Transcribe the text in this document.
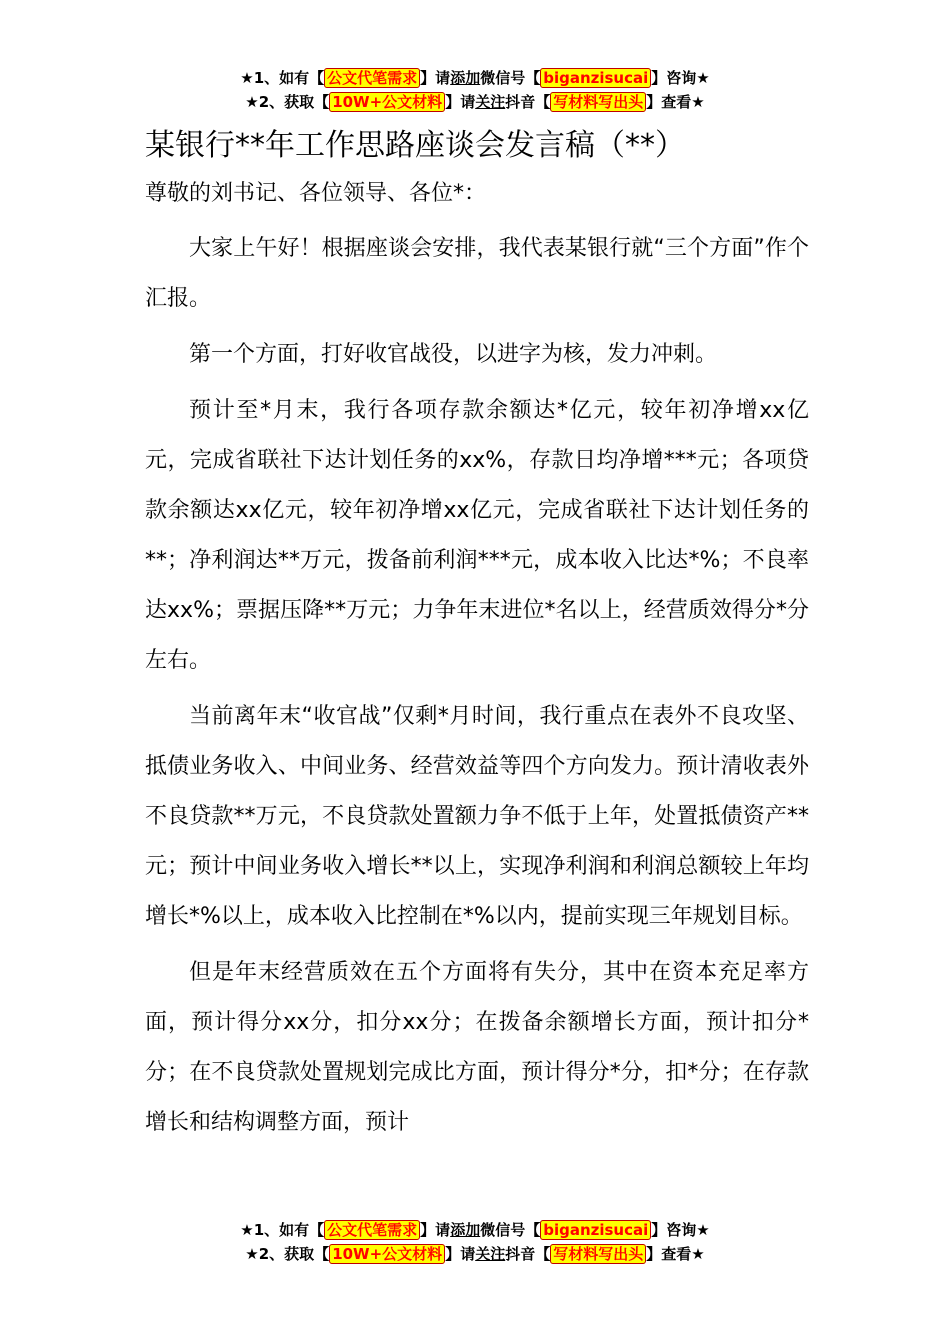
★1、如有【 公文代笔需求 】请添加微信号【 biganzisucai 】咨询★
★2、获取【 10W+公文材料 】请关注抖音【 写材料写出头 】查看★
某银行**年工作思路座谈会发言稿（**）
尊敬的刘书记、各位领导、各位*：

大家上午好！根据座谈会安排，我代表某银行就“三个方面”作个汇报。

第一个方面，打好收官战役，以进字为核，发力冲刺。

预计至*月末，我行各项存款余额达*亿元，较年初净增xx亿元，完成省联社下达计划任务的xx%，存款日均净增***元；各项贷款余额达xx亿元，较年初净增xx亿元，完成省联社下达计划任务的**；净利润达**万元，拨备前利润***元，成本收入比达*%；不良率达xx%；票据压降**万元；力争年末进位*名以上，经营质效得分*分左右。

当前离年末“收官战”仅剩*月时间，我行重点在表外不良攻坚、抵债业务收入、中间业务、经营效益等四个方向发力。预计清收表外不良贷款**万元，不良贷款处置额力争不低于上年，处置抵债资产**元；预计中间业务收入增长**以上，实现净利润和利润总额较上年均增长*%以上，成本收入比控制在*%以内，提前实现三年规划目标。

但是年末经营质效在五个方面将有失分，其中在资本充足率方面，预计得分xx分，扣分xx分；在拨备余额增长方面，预计扣分*分；在不良贷款处置规划完成比方面，预计得分*分，扣*分；在存款增长和结构调整方面，预计

★1、如有【 公文代笔需求 】请添加微信号【 biganzisucai 】咨询★
★2、获取【 10W+公文材料 】请关注抖音【 写材料写出头 】查看★
